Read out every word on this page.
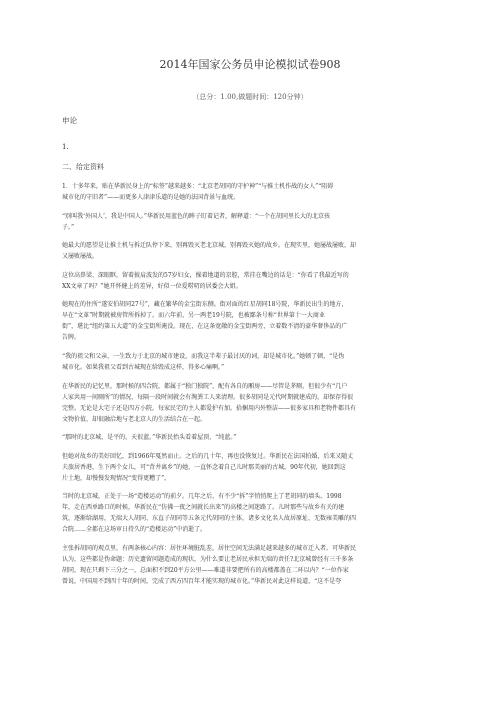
2014年国家公务员申论模拟试卷908
（总分：1.00,做题时间：120分钟）
申论
1.
二、给定资料

1．十多年来，贴在华新民身上的“标签”越来越多：“北京老胡同的守护神”“与推土机作战的女人”“阻碍
城市化的守旧者”——而更多人津津乐道的是她的法国背景与血统。

“别叫我‘外国人’，我是中国人。”华新民用蓝色的眸子盯着记者，解释道：“一个在胡同里长大的北京孩
子。”

她最大的愿望是让推土机与拆迁队停下来，别再毁灭老北京城，别再毁灭她的故乡。在现实里，她屡战屡败，却
又屡败屡战。

这位高鼻梁、深眼眶，留着披肩波发的57岁妇女，操着地道的京腔，常挂在嘴边的话是：“你看了我最近写的
XX文章了吗？”她开怀健上的差异，好似一位爱唠叨的居委会大姐。

她现在的住所“遂安伯胡同27号”，藏在繁华的金宝街东侧。街对面的红星胡同18号院，华新民出生的地方，
早在“文革”时期就被房管所拆掉了。而六年前，另一两老19号院，也被鄙条号称“世界第十一大商业
街”，堪比“纽约第五大道”的金宝街所淹没。现在，在这条宽敞的金宝街两旁，立着数不清的豪华奢侈品的广
告牌。

“我的祖父和父亲，一生致力于北京的城市建设，而我这半辈子最讨厌的词，却是城市化。”她顿了顿，“是伪
城市化。如果我祖父看到古城现在给毁成这样，得多心痛啊。”

在华新民的记忆里，那时候的四合院，都属于“独门独院”，配有各自的厢房——尽管是茅厕，但很少有“几户
人家共用一间厕所”的情况，每隔一段时间就会有淘粪工人来清理。很多胡同是元代时期就建成的，却保存得很
完整。无论是大宅子还是四方小院，每家民宅的主人都爱护有加。拾捆用内外整洁——很多家具和老物件都具有
文物价值，却很融洽地与老北京人的生活结合在一起。

“那时的北京城，是平的，天很蓝。”华新民抬头看着屋顶，“纯蓝。”

但她对故乡的美好回忆，到1966年戛然而止。之后的几十年，再也没恢复过。华新民在法国拍婚，后来又随丈
夫旅居香港，生下两个女儿，可“背井离乡”的她，一直怀念着自己儿时那美丽的古城。90年代初，她回到这
片土地，却慢慢发现情况“变得更糟了”。

当时的北京城，正处于一场“造楼运动”的前夕。几年之后，有不少“拆”字悄悄爬上了老胡同的墙头。1998
年，走在西单路口的时候，华新民在“仿佛一夜之间就长出来”的高楼之间迷路了。儿时那些与故乡有关的建
筑，逐渐给湖用，无端大人胡同、东直子胡同等五条元代胡同的主体，诸多文化名人故居原址、无数雍美雕的四
合院……全都在这场审日持久的“造楼运动”中消逝了。

主张拆胡同的观点里，有两条核心内容：居住环境脏乱差，居住空间无法满足越来越多的城市迁入者。可华新民
认为，这些都是伪命题：历史遗留问题造成的现状，为什么要让老居民承担无端的责任?北京城曾经有三千多条
胡同，现在只剩下三分之一，总面积不到20平方公里——难道非要把所有的高楼都盖在二环以内？“一位作家
曾说，中国用不到四十年的时间，完成了西方四百年才能实现的城市化。”华新民对此这样说道，“这不是夸
